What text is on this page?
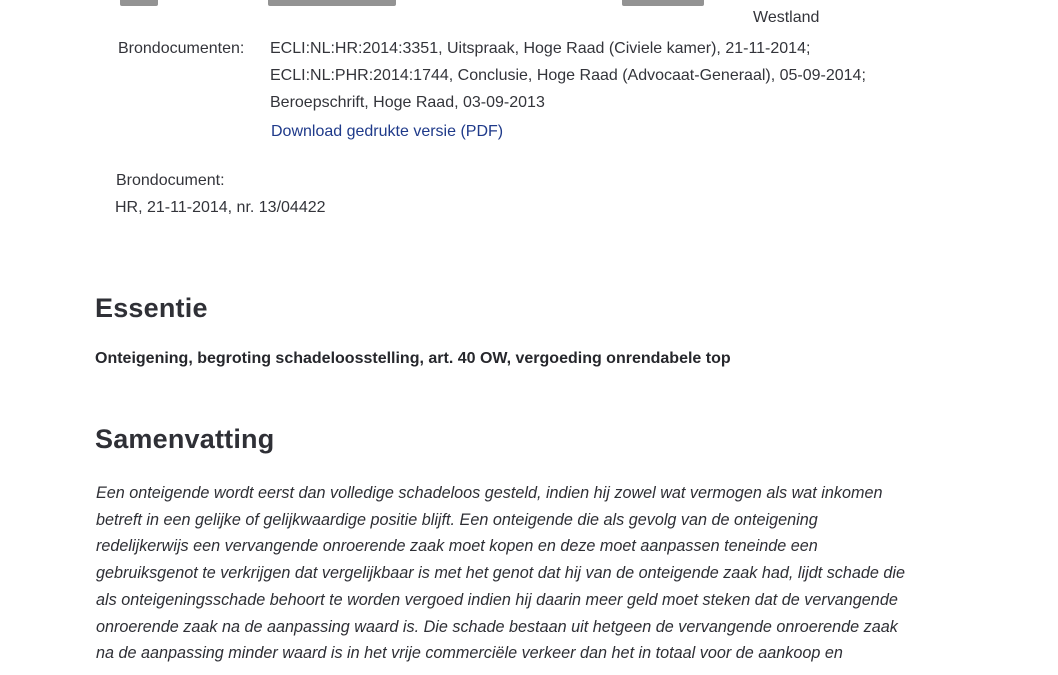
Westland
Brondocumenten: ECLI:NL:HR:2014:3351, Uitspraak, Hoge Raad (Civiele kamer), 21-11-2014;
ECLI:NL:PHR:2014:1744, Conclusie, Hoge Raad (Advocaat-Generaal), 05-09-2014;
Beroepschrift, Hoge Raad, 03-09-2013
Download gedrukte versie (PDF)
Brondocument:
HR, 21-11-2014, nr. 13/04422
Essentie
Onteigening, begroting schadeloosstelling, art. 40 OW, vergoeding onrendabele top
Samenvatting
Een onteigende wordt eerst dan volledige schadeloos gesteld, indien hij zowel wat vermogen als wat inkomen
betreft in een gelijke of gelijkwaardige positie blijft. Een onteigende die als gevolg van de onteigening
redelijkerwijs een vervangende onroerende zaak moet kopen en deze moet aanpassen teneinde een
gebruiksgenot te verkrijgen dat vergelijkbaar is met het genot dat hij van de onteigende zaak had, lijdt schade die
als onteigeningsschade behoort te worden vergoed indien hij daarin meer geld moet steken dat de vervangende
onroerende zaak na de aanpassing waard is. Die schade bestaan uit hetgeen de vervangende onroerende zaak
na de aanpassing minder waard is in het vrije commerciële verkeer dan het in totaal voor de aankoop en
